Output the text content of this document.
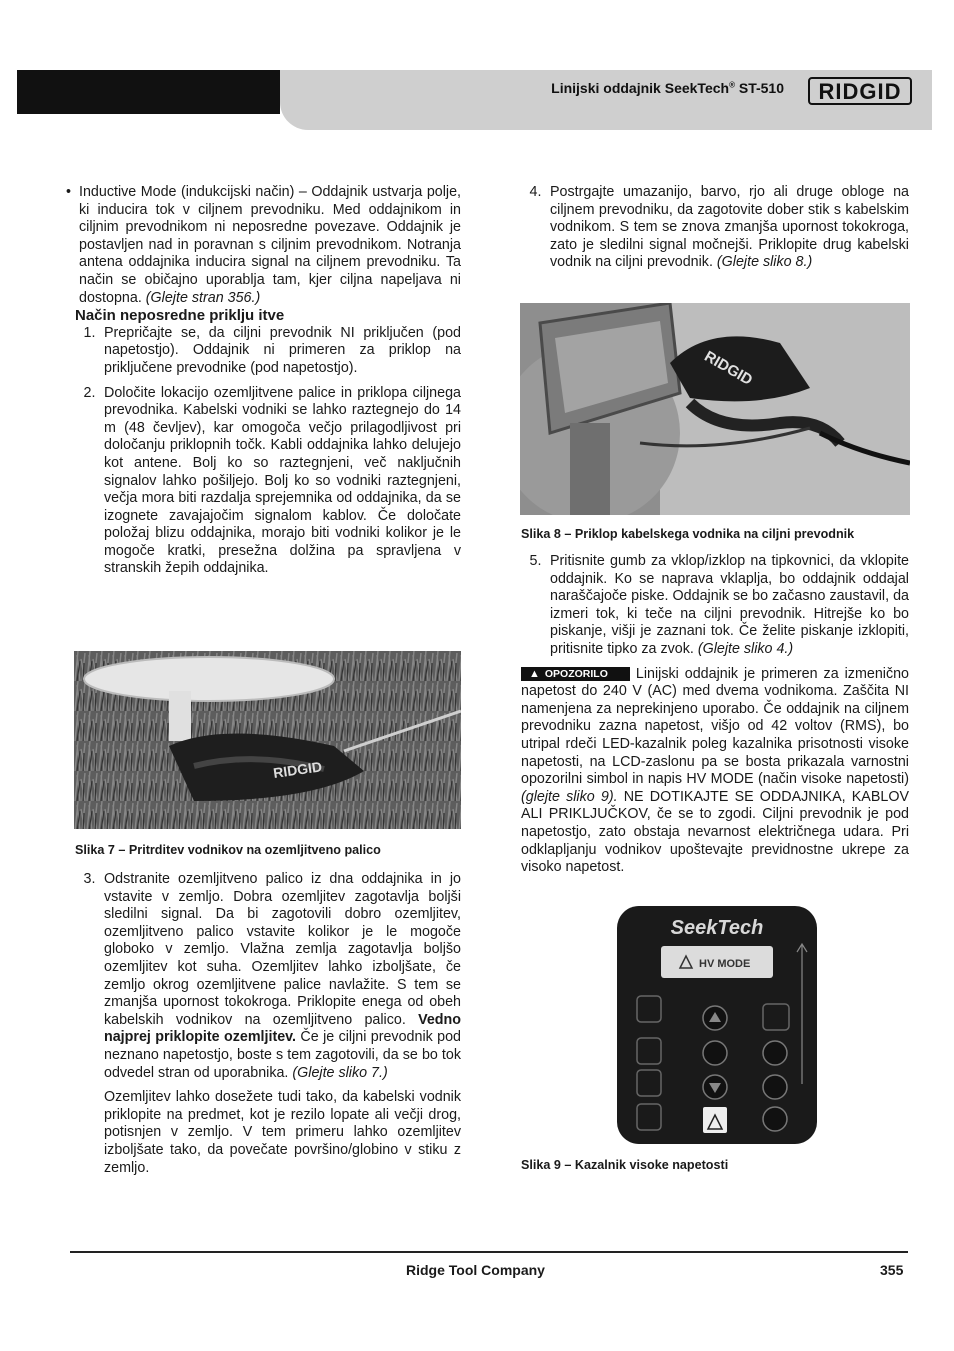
Linijski oddajnik SeekTech® ST-510 RIDGID
• Inductive Mode (indukcijski način) – Oddajnik ustvarja polje, ki inducira tok v ciljnem prevodniku. Med oddajnikom in ciljnim prevodnikom ni neposredne povezave. Oddajnik je postavljen nad in poravnan s ciljnim prevodnikom. Notranja antena oddajnika inducira signal na ciljnem prevodniku. Ta način se običajno uporablja tam, kjer ciljna napeljava ni dostopna. (Glejte stran 356.)

Način neposredne priklju itve

1. Prepričajte se, da ciljni prevodnik NI priključen (pod napetostjo). Oddajnik ni primeren za priklop na priključene prevodnike (pod napetostjo).

2. Določite lokacijo ozemljitvene palice in priklopa ciljnega prevodnika. Kabelski vodniki se lahko raztegnejo do 14 m (48 čevljev), kar omogoča večjo prilagodljivost pri določanju priklopnih točk. Kabli oddajnika lahko delujejo kot antene. Bolj ko so raztegnjeni, več naključnih signalov lahko pošiljejo. Bolj ko so vodniki raztegnjeni, večja mora biti razdalja sprejemnika od oddajnika, da se izognete zavajajočim signalom kablov. Če določate položaj blizu oddajnika, morajo biti vodniki kolikor je le mogoče kratki, presežna dolžina pa spravljena v stranskih žepih oddajnika.

RIDGID

Slika 7 – Pritrditev vodnikov na ozemljitveno palico

3. Odstranite ozemljitveno palico iz dna oddajnika in jo vstavite v zemljo. Dobra ozemljitev zagotavlja boljši sledilni signal. Da bi zagotovili dobro ozemljitev, ozemljitveno palico vstavite kolikor je le mogoče globoko v zemljo. Vlažna zemlja zagotavlja boljšo ozemljitev kot suha. Ozemljitev lahko izboljšate, če zemljo okrog ozemljitvene palice navlažite. S tem se zmanjša upornost tokokroga. Priklopite enega od obeh kabelskih vodnikov na ozemljitveno palico. Vedno najprej priklopite ozemljitev. Če je ciljni prevodnik pod neznano napetostjo, boste s tem zagotovili, da se bo tok odvedel stran od uporabnika. (Glejte sliko 7.)

Ozemljitev lahko dosežete tudi tako, da kabelski vodnik priklopite na predmet, kot je rezilo lopate ali večji drog, potisnjen v zemljo. V tem primeru lahko ozemljitev izboljšate tako, da povečate površino/globino v stiku z zemljo.

4. Postrgajte umazanijo, barvo, rjo ali druge obloge na ciljnem prevodniku, da zagotovite dober stik s kabelskim vodnikom. S tem se znova zmanjša upornost tokokroga, zato je sledilni signal močnejši. Priklopite drug kabelski vodnik na ciljni prevodnik. (Glejte sliko 8.)

RIDGID

Slika 8 – Priklop kabelskega vodnika na ciljni prevodnik

5. Pritisnite gumb za vklop/izklop na tipkovnici, da vklopite oddajnik. Ko se naprava vklaplja, bo oddajnik oddajal naraščajoče piske. Oddajnik se bo začasno zaustavil, da izmeri tok, ki teče na ciljni prevodnik. Hitrejše ko bo piskanje, višji je zaznani tok. Če želite piskanje izklopiti, pritisnite tipko za zvok. (Glejte sliko 4.)

▲ OPOZORILO Linijski oddajnik je primeren za izmenično napetost do 240 V (AC) med dvema vodnikoma. Zaščita NI namenjena za neprekinjeno uporabo. Če oddajnik na ciljnem prevodniku zazna napetost, višjo od 42 voltov (RMS), bo utripal rdeči LED-kazalnik poleg kazalnika prisotnosti visoke napetosti, na LCD-zaslonu pa se bosta prikazala varnostni opozorilni simbol in napis HV MODE (način visoke napetosti) (glejte sliko 9). NE DOTIKAJTE SE ODDAJNIKA, KABLOV ALI PRIKLJUČKOV, če se to zgodi. Ciljni prevodnik je pod napetostjo, zato obstaja nevarnost električnega udara. Pri odklapljanju vodnikov upoštevajte previdnostne ukrepe za visoko napetost.

SeekTech
HV MODE

Slika 9 – Kazalnik visoke napetosti

Ridge Tool Company	355
